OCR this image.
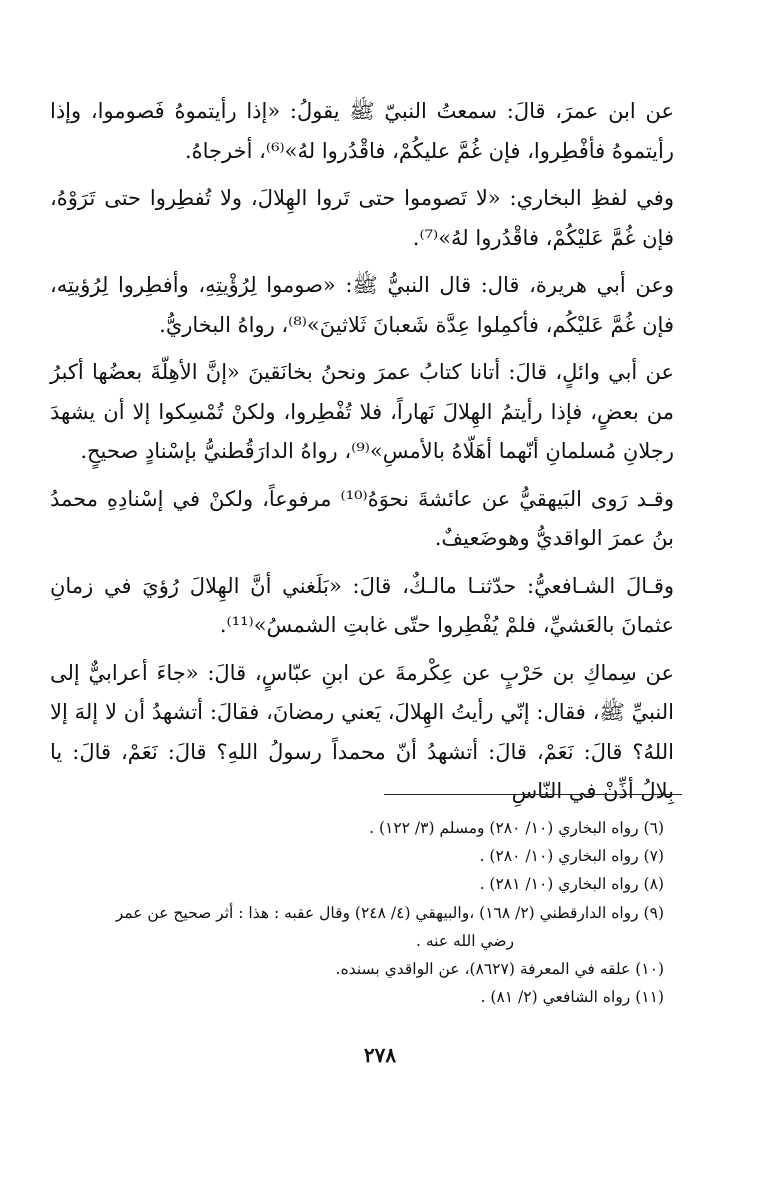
عن ابن عمرَ، قالَ: سمعتُ النبيّ ﷺ يقولُ: «إذا رأيتموهُ فَصوموا، وإذا رأيتموهُ فأفْطِروا، فإن غُمَّ عليكُمْ، فاقْدُروا لهُ»⁽⁶⁾، أخرجاهُ.

وفي لفظِ البخاري: «لا تَصوموا حتى تَروا الهِلالَ، ولا تُفطِروا حتى تَرَوْهُ، فإن غُمَّ عَليْكُمْ، فاقْدُروا لهُ»⁽⁷⁾.

وعن أبي هريرة، قال: قال النبيُّ ﷺ: «صوموا لِرُؤْيتِهِ، وأفطِروا لِرُؤيتِه، فإن غُمَّ عَليْكُم، فأكمِلوا عِدَّة شَعبانَ ثَلاثينَ»⁽⁸⁾، رواهُ البخاريُّ.

عن أبي وائلٍ، قالَ: أتانا كتابُ عمرَ ونحنُ بخانَقينَ «إنَّ الأهِلّةَ بعضُها أكبرُ من بعضٍ، فإذا رأيتمُ الهِلالَ نَهاراً، فلا تُفْطِروا، ولكنْ تُمْسِكوا إلا أن يشهدَ رجلانِ مُسلمانِ أنّهما أهَلّاهُ بالأمسِ»⁽⁹⁾، رواهُ الدارَقُطنيُّ بإسْنادٍ صحيحٍ.

وقـد رَوى البَيهقيُّ عن عائشةَ نحوَهُ⁽¹⁰⁾ مرفوعاً، ولكنْ في إسْنادِهِ محمدُ بنُ عمرَ الواقديُّ وهوضَعيفٌ.

وقـالَ الشـافعيُّ: حدّثنـا مالـكٌ، قالَ: «بَلَغني أنَّ الهِلالَ رُؤيَ في زمانِ عثمانَ بالعَشيِّ، فلمْ يُفْطِروا حتّى غابتِ الشمسُ»⁽¹¹⁾.

عن سِماكِ بن حَرْبٍ عن عِكْرمةَ عن ابنِ عبّاسٍ، قالَ: «جاءَ أعرابيٌّ إلى النبيِّ ﷺ، فقال: إنّي رأيتُ الهِلالَ، يَعني رمضانَ، فقالَ: أتشهدُ أن لا إلهَ إلا اللهُ؟ قالَ: نَعَمْ، قالَ: أتشهدُ أنّ محمداً رسولُ اللهِ؟ قالَ: نَعَمْ، قالَ: يا بِلالُ أذِّنْ في النّاسِ

(٦) رواه البخاري (١٠/ ٢٨٠) ومسلم (٣/ ١٢٢) .

(٧) رواه البخاري (١٠/ ٢٨٠) .

(٨) رواه البخاري (١٠/ ٢٨١) .

(٩) رواه الدارقطني (٢/ ١٦٨) ،والبيهقي (٤/ ٢٤٨) وقال عقبه : هذا : أثر صحيح عن عمر

رضي الله عنه .

(١٠) علقه في المعرفة (٨٦٢٧)، عن الواقدي بسنده.

(١١) رواه الشافعي (٢/ ٨١) .

٢٧٨
